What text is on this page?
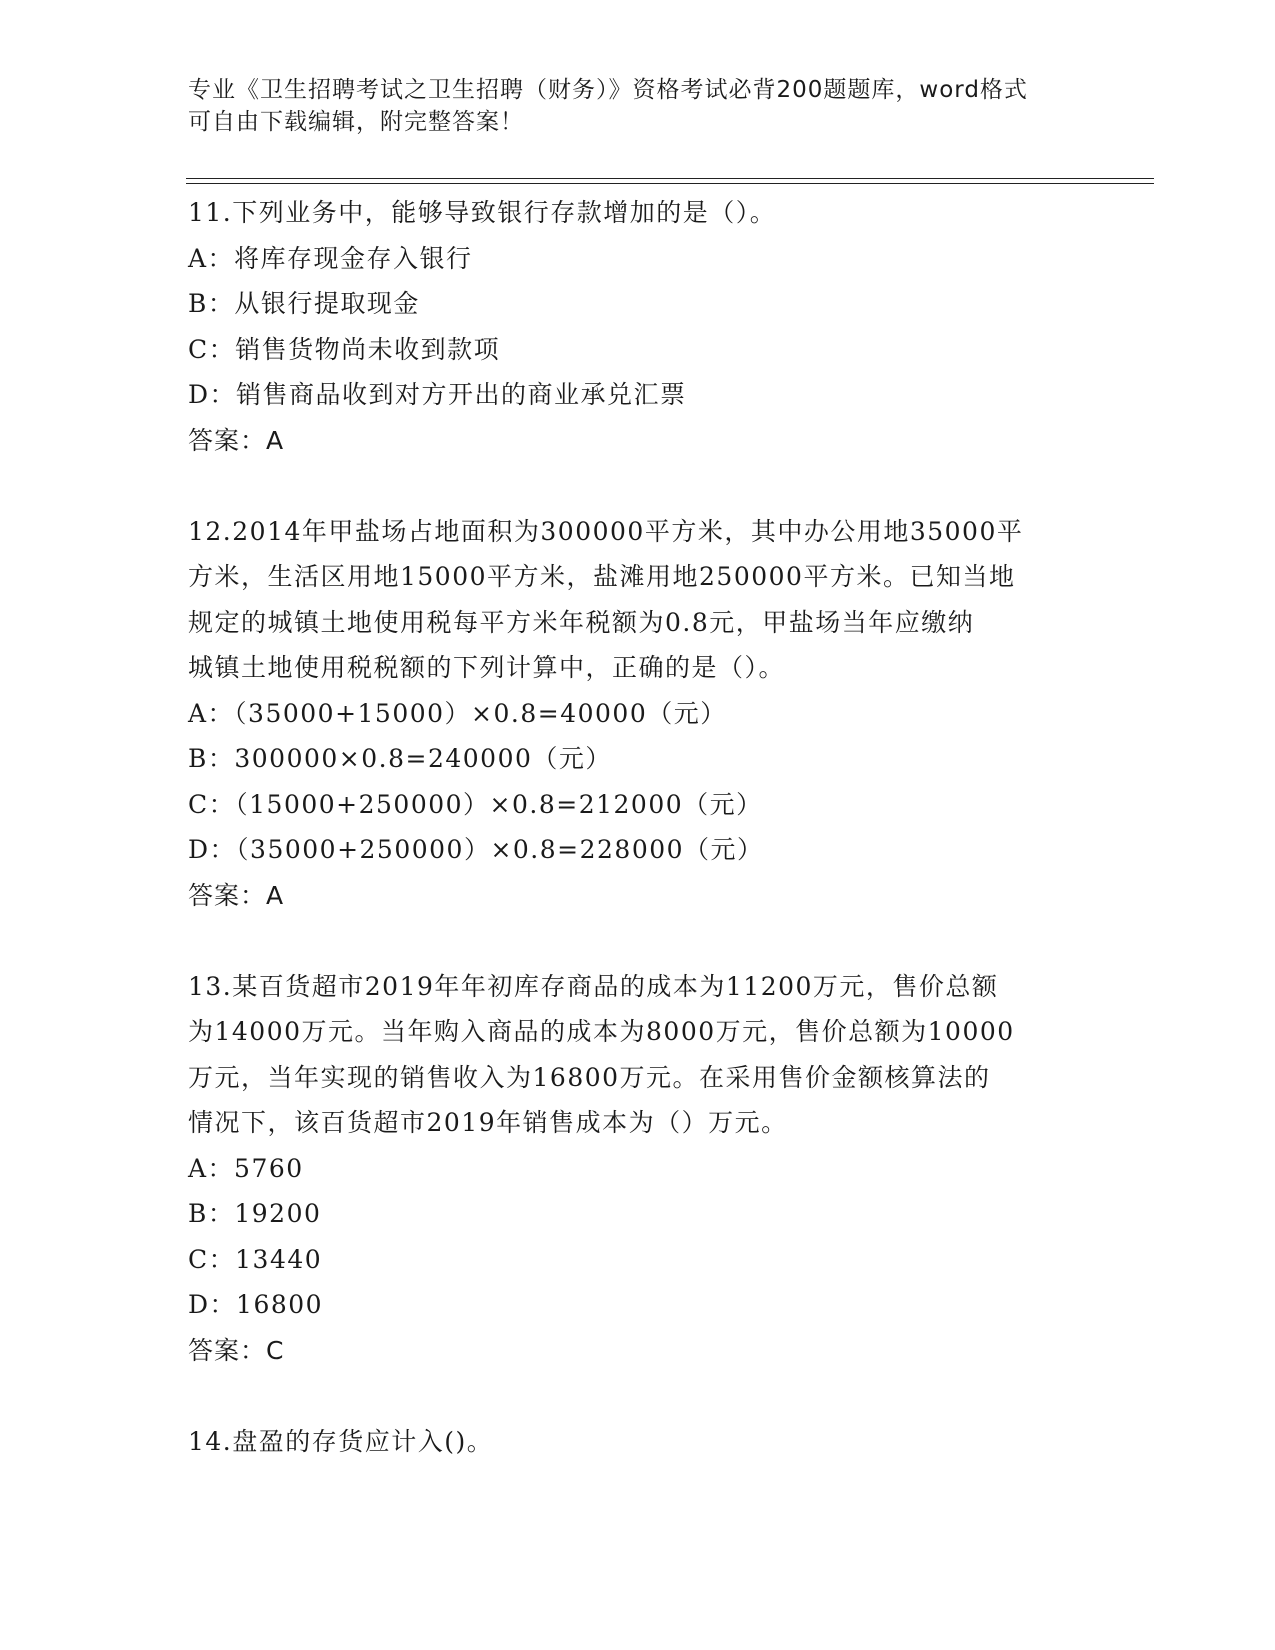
专业《卫生招聘考试之卫生招聘（财务）》资格考试必背200题题库，word格式
可自由下载编辑，附完整答案！
11.下列业务中，能够导致银行存款增加的是（）。
A：将库存现金存入银行
B：从银行提取现金
C：销售货物尚未收到款项
D：销售商品收到对方开出的商业承兑汇票
答案：A
12.2014年甲盐场占地面积为300000平方米，其中办公用地35000平
方米，生活区用地15000平方米，盐滩用地250000平方米。已知当地
规定的城镇土地使用税每平方米年税额为0.8元，甲盐场当年应缴纳
城镇土地使用税税额的下列计算中，正确的是（）。
A：（35000+15000）×0.8=40000（元）
B：300000×0.8=240000（元）
C：（15000+250000）×0.8=212000（元）
D：（35000+250000）×0.8=228000（元）
答案：A
13.某百货超市2019年年初库存商品的成本为11200万元，售价总额
为14000万元。当年购入商品的成本为8000万元，售价总额为10000
万元，当年实现的销售收入为16800万元。在采用售价金额核算法的
情况下，该百货超市2019年销售成本为（）万元。
A：5760
B：19200
C：13440
D：16800
答案：C
14.盘盈的存货应计入()。
